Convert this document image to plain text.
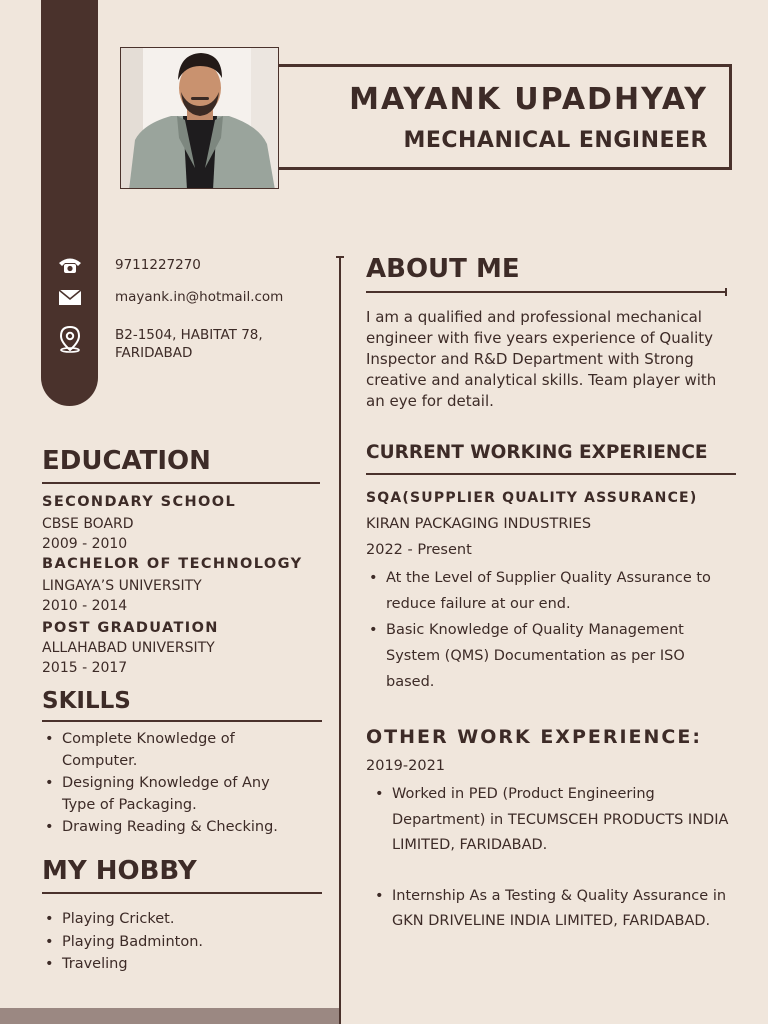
MAYANK UPADHYAY
MECHANICAL ENGINEER
9711227270
mayank.in@hotmail.com
B2-1504, HABITAT 78,
FARIDABAD
EDUCATION
SECONDARY SCHOOL
CBSE BOARD
2009 - 2010
BACHELOR OF TECHNOLOGY
LINGAYA’S UNIVERSITY
2010 - 2014
POST GRADUATION
ALLAHABAD UNIVERSITY
2015 - 2017
SKILLS
• Complete Knowledge of Computer.
• Designing Knowledge of Any Type of Packaging.
• Drawing Reading & Checking.
MY HOBBY
• Playing Cricket.
• Playing Badminton.
• Traveling
ABOUT ME
I am a qualified and professional mechanical engineer with five years experience of Quality Inspector and R&D Department with Strong creative and analytical skills. Team player with an eye for detail.
CURRENT WORKING EXPERIENCE
SQA(SUPPLIER QUALITY ASSURANCE)
KIRAN PACKAGING INDUSTRIES
2022 - Present
• At the Level of Supplier Quality Assurance to reduce failure at our end.
• Basic Knowledge of Quality Management System (QMS) Documentation as per ISO based.
OTHER WORK EXPERIENCE:
2019-2021
• Worked in PED (Product Engineering Department) in TECUMSCEH PRODUCTS INDIA LIMITED, FARIDABAD.
• Internship As a Testing & Quality Assurance in GKN DRIVELINE INDIA LIMITED, FARIDABAD.
